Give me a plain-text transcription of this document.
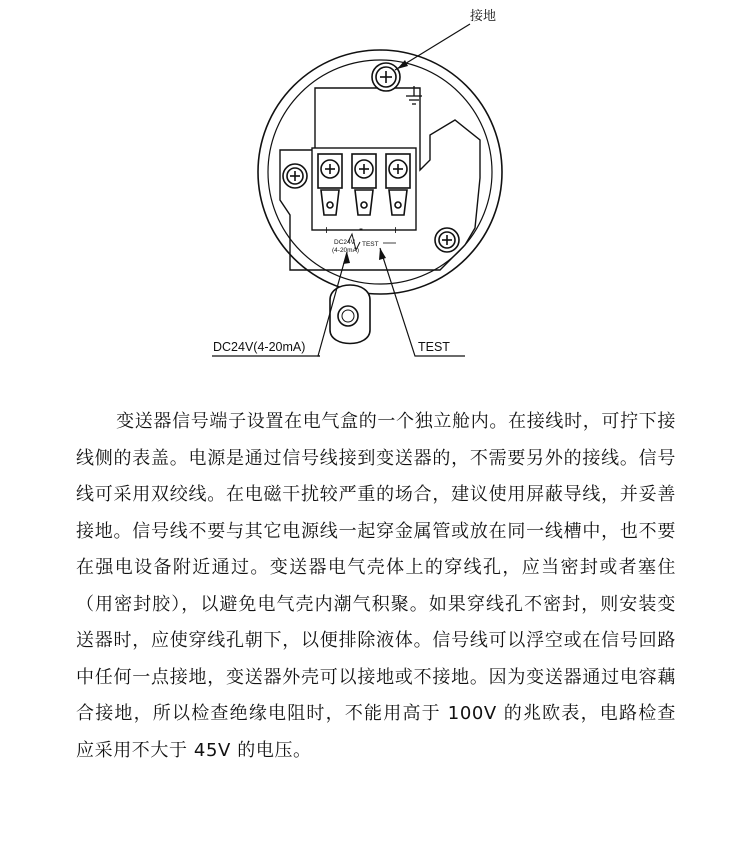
接地
DC24V(4-20mA)	TEST
+ - +
DC24V
(4-20mA)
TEST

变送器信号端子设置在电气盒的一个独立舱内。在接线时，可拧下接线侧的表盖。电源是通过信号线接到变送器的，不需要另外的接线。信号线可采用双绞线。在电磁干扰较严重的场合，建议使用屏蔽导线，并妥善接地。信号线不要与其它电源线一起穿金属管或放在同一线槽中，也不要在强电设备附近通过。变送器电气壳体上的穿线孔，应当密封或者塞住（用密封胶），以避免电气壳内潮气积聚。如果穿线孔不密封，则安装变送器时，应使穿线孔朝下，以便排除液体。信号线可以浮空或在信号回路中任何一点接地，变送器外壳可以接地或不接地。因为变送器通过电容藕合接地，所以检查绝缘电阻时，不能用高于 100V 的兆欧表，电路检查应采用不大于 45V 的电压。
